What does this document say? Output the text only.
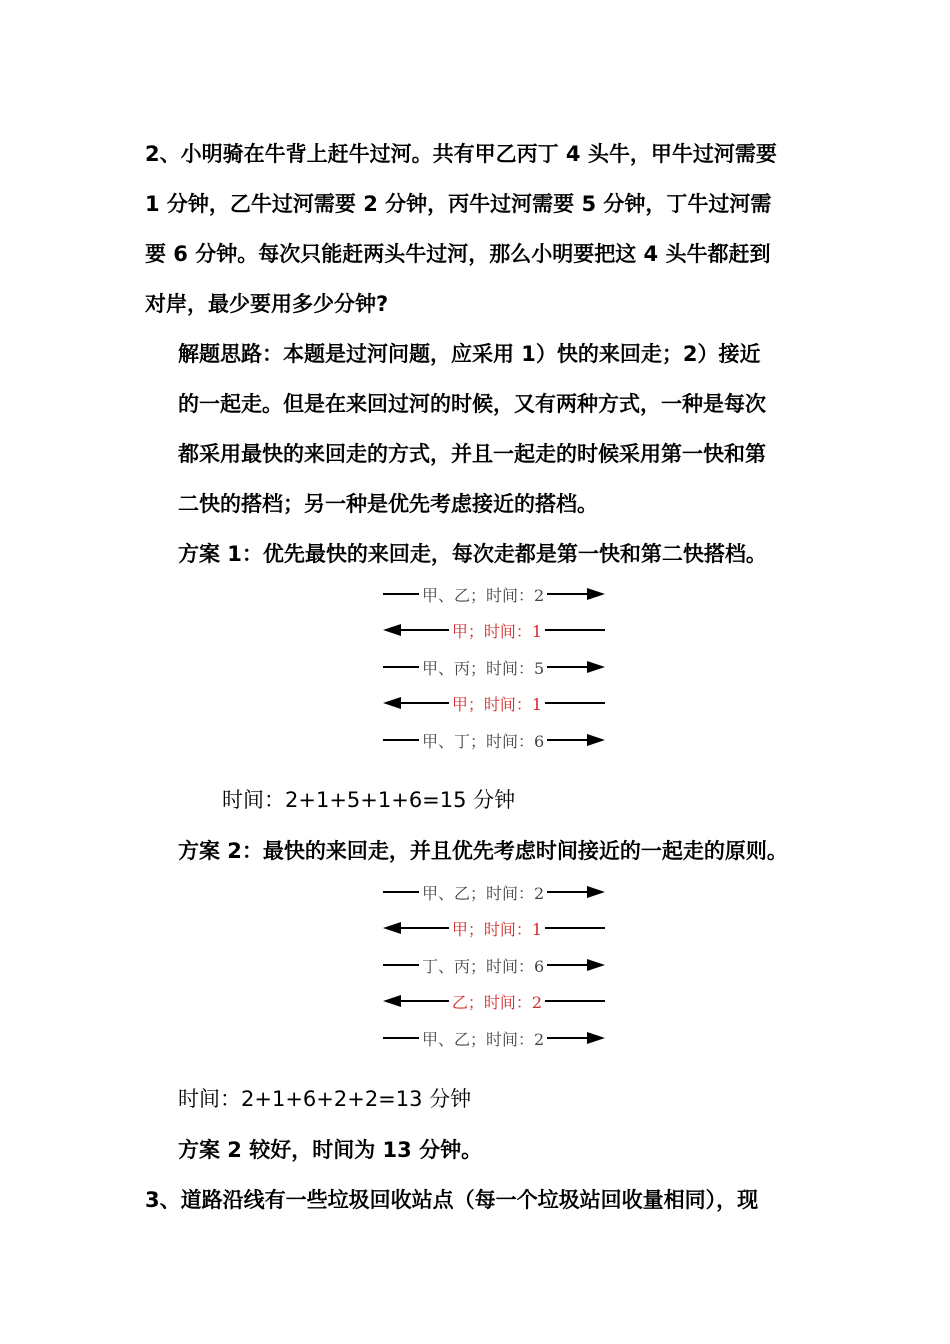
2、小明骑在牛背上赶牛过河。共有甲乙丙丁 4 头牛，甲牛过河需要
1 分钟，乙牛过河需要 2 分钟，丙牛过河需要 5 分钟，丁牛过河需
要 6 分钟。每次只能赶两头牛过河，那么小明要把这 4 头牛都赶到
对岸，最少要用多少分钟?
解题思路：本题是过河问题，应采用 1）快的来回走；2）接近
的一起走。但是在来回过河的时候，又有两种方式，一种是每次
都采用最快的来回走的方式，并且一起走的时候采用第一快和第
二快的搭档；另一种是优先考虑接近的搭档。
方案 1：优先最快的来回走，每次走都是第一快和第二快搭档。
甲、乙；时间：2
甲；时间：1
甲、丙；时间：5
甲；时间：1
甲、丁；时间：6
时间：2+1+5+1+6=15 分钟
方案 2：最快的来回走，并且优先考虑时间接近的一起走的原则。
甲、乙；时间：2
甲；时间：1
丁、丙；时间：6
乙；时间：2
甲、乙；时间：2
时间：2+1+6+2+2=13 分钟
方案 2 较好，时间为 13 分钟。
3、道路沿线有一些垃圾回收站点（每一个垃圾站回收量相同），现
